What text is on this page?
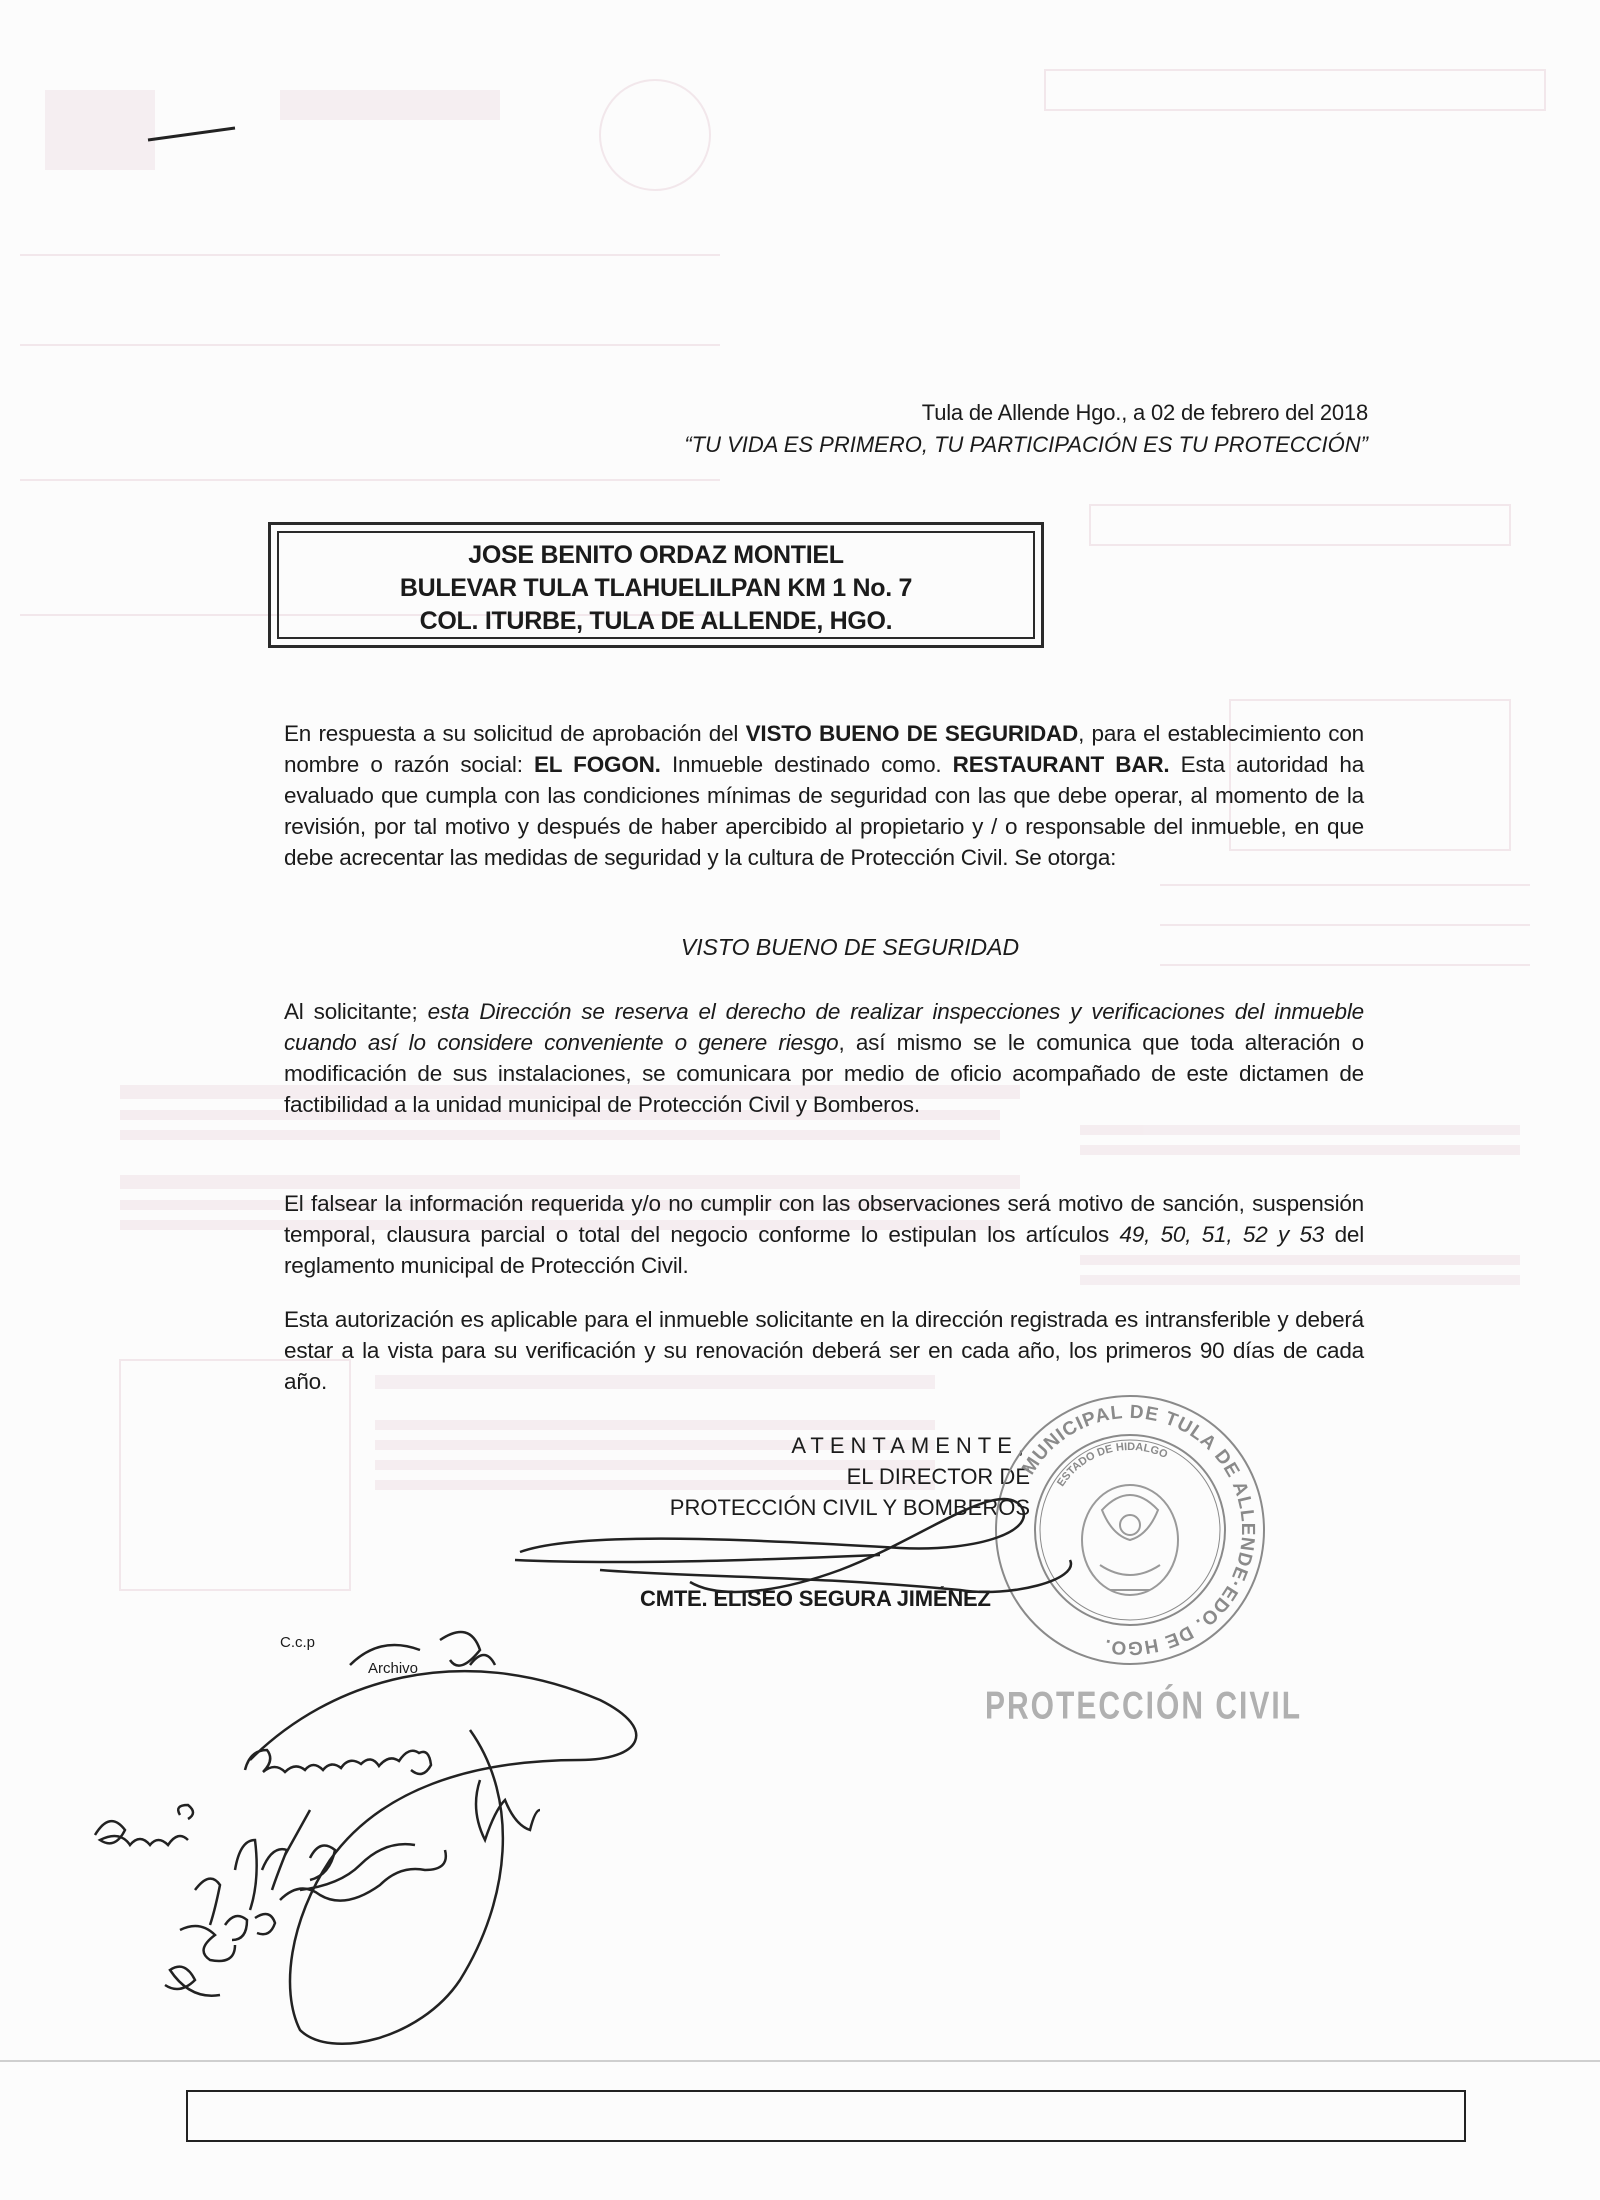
Tula de Allende Hgo., a 02 de febrero del 2018
“TU VIDA ES PRIMERO, TU PARTICIPACIÓN ES TU PROTECCIÓN”
JOSE BENITO ORDAZ MONTIEL
BULEVAR TULA TLAHUELILPAN KM 1 No. 7
COL. ITURBE, TULA DE ALLENDE, HGO.
En respuesta a su solicitud de aprobación del VISTO BUENO DE SEGURIDAD, para el establecimiento con nombre o razón social: EL FOGON. Inmueble destinado como. RESTAURANT BAR. Esta autoridad ha evaluado que cumpla con las condiciones mínimas de seguridad con las que debe operar, al momento de la revisión, por tal motivo y después de haber apercibido al propietario y / o responsable del inmueble, en que debe acrecentar las medidas de seguridad y la cultura de Protección Civil. Se otorga:
VISTO BUENO DE SEGURIDAD
Al solicitante; esta Dirección se reserva el derecho de realizar inspecciones y verificaciones del inmueble cuando así lo considere conveniente o genere riesgo, así mismo se le comunica que toda alteración o modificación de sus instalaciones, se comunicara por medio de oficio acompañado de este dictamen de factibilidad a la unidad municipal de Protección Civil y Bomberos.
El falsear la información requerida y/o no cumplir con las observaciones será motivo de sanción, suspensión temporal, clausura parcial o total del negocio conforme lo estipulan los artículos 49, 50, 51, 52 y 53 del reglamento municipal de Protección Civil.
Esta autorización es aplicable para el inmueble solicitante en la dirección registrada es intransferible y deberá estar a la vista para su verificación y su renovación deberá ser en cada año, los primeros 90 días de cada año.
ATENTAMENTE,
EL DIRECTOR DE
PROTECCIÓN CIVIL Y BOMBEROS
CMTE. ELISEO SEGURA JIMÉNEZ
C.c.p
Archivo
MUNICIPAL DE TULA DE ALLENDE·EDO. DE HGO.
ESTADO DE HIDALGO
PROTECCIÓN CIVIL
